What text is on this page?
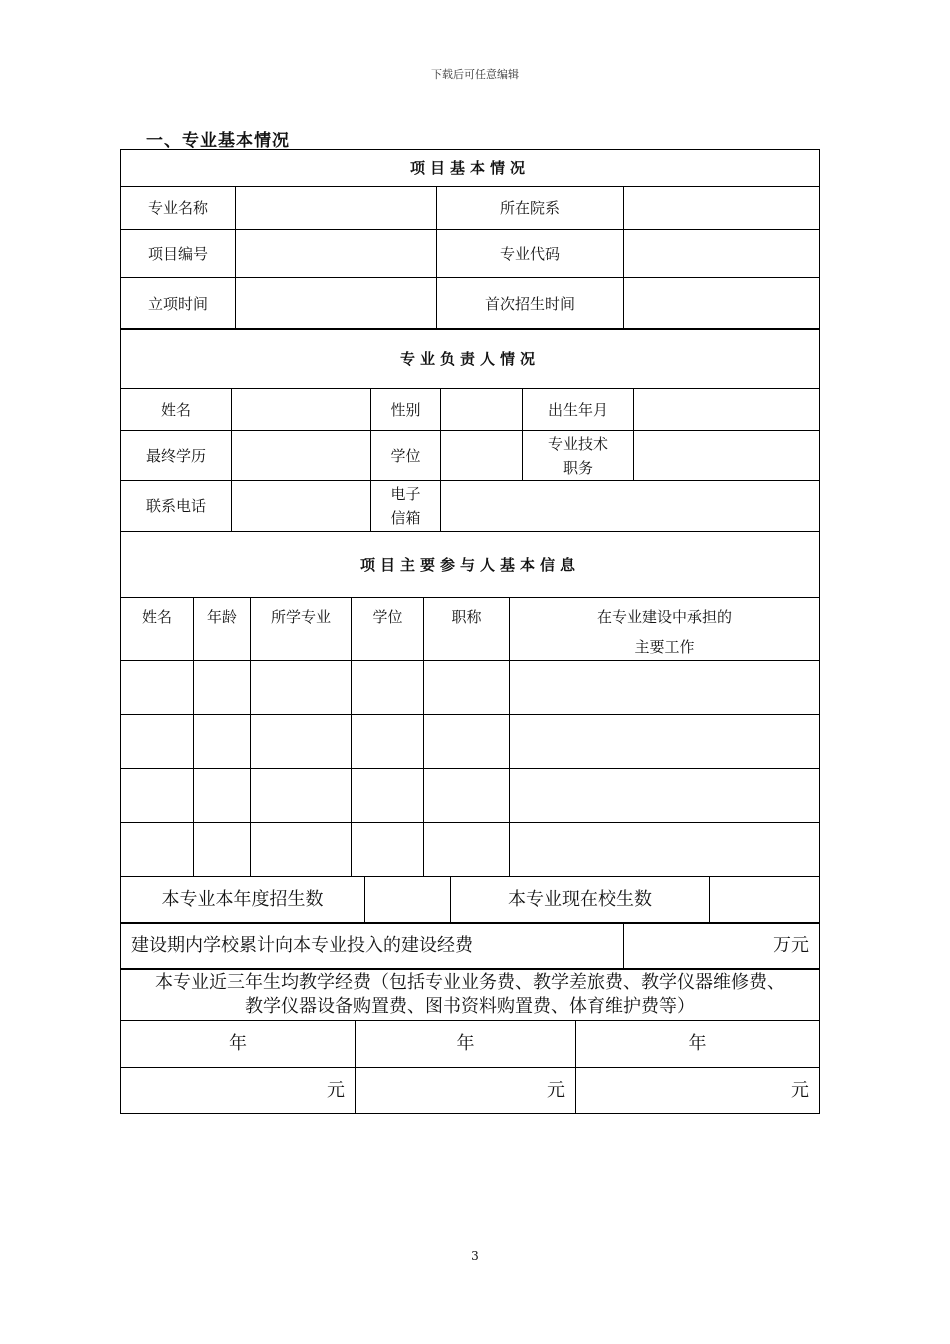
下载后可任意编辑
一、专业基本情况
项目基本情况			
专业名称		所在院系	
项目编号		专业代码	
立项时间		首次招生时间	
专业负责人情况					
姓名		性别		出生年月	
最终学历		学位		专业技术
职务	

联系电话		电子
信箱			

项目主要参与人基本信息					
姓名	年龄	所学专业	学位	职称	在专业建设中承担的
主要工作

本专业本年度招生数		本专业现在校生数	
建设期内学校累计向本专业投入的建设经费	万元
本专业近三年生均教学经费（包括专业业务费、教学差旅费、教学仪器维修费、
教学仪器设备购置费、图书资料购置费、体育维护费等）		

年	年	年
元	元	元
3
